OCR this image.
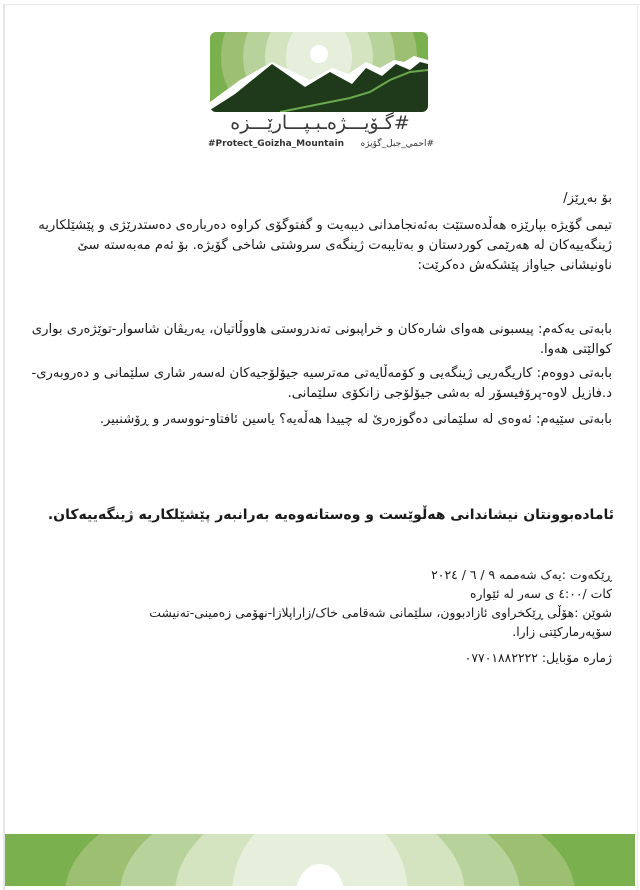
#گـۆیـــژەـبـپـــارێـــزە
#Protect_Goizha_Mountain #احمي_جبل_گۆیژە
بۆ بەڕێز/
تیمی گۆیژە بپارێزە هەڵدەستێت بەئەنجامدانی دیبەیت و گفتوگۆی کراوە دەربارەی دەستدرێژی و پێشێلکاریە ژینگەییەکان لە هەرێمی کوردستان و بەتایبەت ژینگەی سروشتی شاخی گۆیژە. بۆ ئەم مەبەستە سێ ناونیشانی جیاواز پێشکەش دەکرێت:
بابەتی یەکەم: پیسبونی هەوای شارەکان و خراپبونی تەندروستی هاووڵاتیان، یەریڤان شاسوار-توێژەری بواری کوالێتی هەوا.
بابەتی دووەم: کاریگەریی ژینگەیی و کۆمەڵایەتی مەترسیە جیۆلۆجیەکان لەسەر شاری سلێمانی و دەروبەری-د.فازیل لاوە-پرۆفیسۆر لە بەشی جیۆلۆجی زانکۆی سلێمانی.
بابەتی سێیەم: ئەوەی لە سلێمانی دەگوزەرێ لە چییدا هەڵەیە؟ یاسین ئافتاو-نووسەر و ڕۆشنبیر.
ئامادەبوونتان نیشاندانی هەڵوێست و وەستانەوەیە بەرانبەر پێشێلکاریە ژینگەییەکان.
ڕێکەوت :یەک شەممە ٩ / ٦ / ٢٠٢٤
کات /٤:٠٠ ی سەر لە ئێوارە
شوێن :هۆڵی ڕێکخراوی ئازادبوون، سلێمانی شەقامی خاک/زاراپلازا-نهۆمی زەمینی-تەنیشت سۆپەرمارکێتی زارا.
ژمارە مۆبایل: ٠٧٧٠١٨٨٢٢٢٢
